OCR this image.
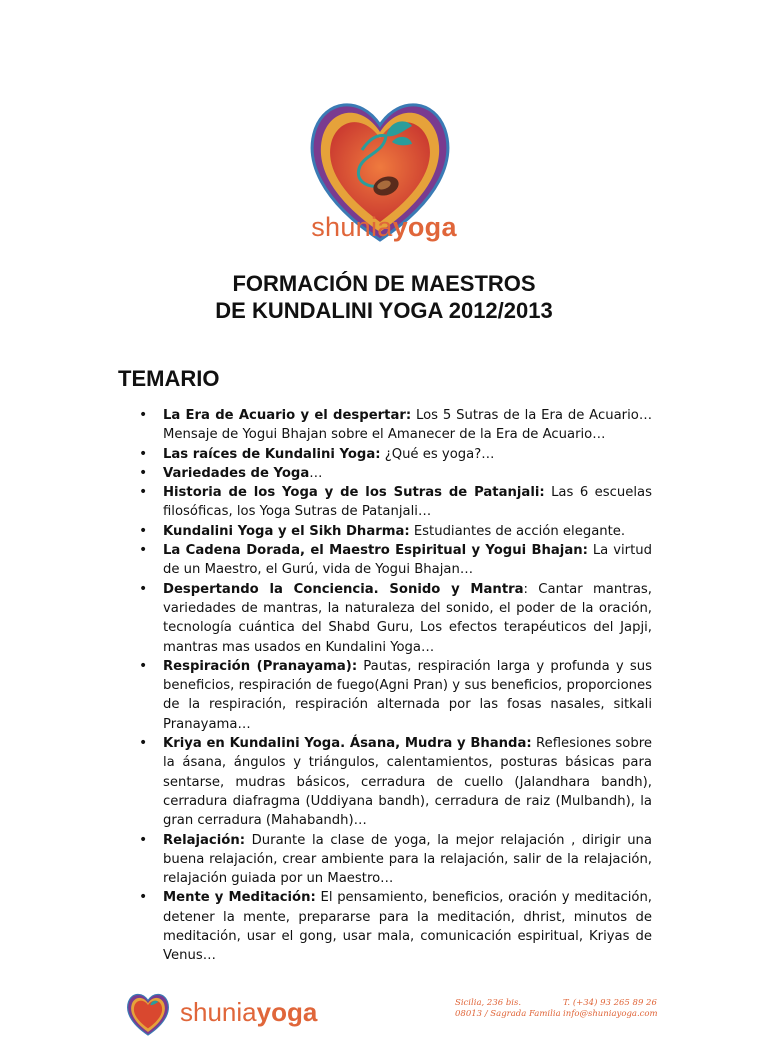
shuniayoga
FORMACIÓN DE MAESTROS
DE KUNDALINI YOGA 2012/2013
TEMARIO
• La Era de Acuario y el despertar: Los 5 Sutras de la Era de Acuario… Mensaje de Yogui Bhajan sobre el Amanecer de la Era de Acuario…
• Las raíces de Kundalini Yoga: ¿Qué es yoga?…
• Variedades de Yoga…
• Historia de los Yoga y de los Sutras de Patanjali: Las 6 escuelas filosóficas, los Yoga Sutras de Patanjali…
• Kundalini Yoga y el Sikh Dharma: Estudiantes de acción elegante.
• La Cadena Dorada, el Maestro Espiritual y Yogui Bhajan: La virtud de un Maestro, el Gurú, vida de Yogui Bhajan…
• Despertando la Conciencia. Sonido y Mantra: Cantar mantras, variedades de mantras, la naturaleza del sonido, el poder de la oración, tecnología cuántica del Shabd Guru, Los efectos terapéuticos del Japji, mantras mas usados en Kundalini Yoga…
• Respiración (Pranayama): Pautas, respiración larga y profunda y sus beneficios, respiración de fuego(Agni Pran) y sus beneficios, proporciones de la respiración, respiración alternada por las fosas nasales, sitkali Pranayama…
• Kriya en Kundalini Yoga. Ásana, Mudra y Bhanda: Reflesiones sobre la ásana, ángulos y triángulos, calentamientos, posturas básicas para sentarse, mudras básicos, cerradura de cuello (Jalandhara bandh), cerradura diafragma (Uddiyana bandh), cerradura de raiz (Mulbandh), la gran cerradura (Mahabandh)…
• Relajación: Durante la clase de yoga, la mejor relajación , dirigir una buena relajación, crear ambiente para la relajación, salir de la relajación, relajación guiada por un Maestro…
• Mente y Meditación: El pensamiento, beneficios, oración y meditación, detener la mente, prepararse para la meditación, dhrist, minutos de meditación, usar el gong, usar mala, comunicación espiritual, Kriyas de Venus…
shuniayoga	Sicilia, 236 bis.
08013 / Sagrada Familia
T. (+34) 93 265 89 26
info@shuniayoga.com
